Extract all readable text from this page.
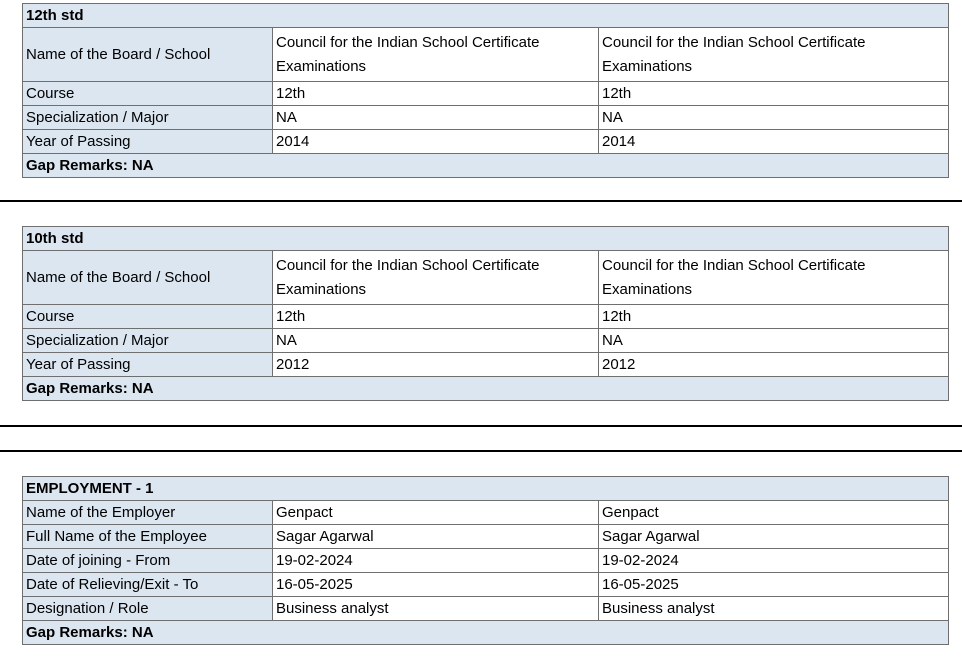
12th std		
Name of the Board / School	Council for the Indian School Certificate Examinations	Council for the Indian School Certificate Examinations
Course	12th	12th
Specialization / Major	NA	NA
Year of Passing	2014	2014
Gap Remarks: NA		
10th std		
Name of the Board / School	Council for the Indian School Certificate Examinations	Council for the Indian School Certificate Examinations
Course	12th	12th
Specialization / Major	NA	NA
Year of Passing	2012	2012
Gap Remarks: NA		
EMPLOYMENT - 1		
Name of the Employer	Genpact	Genpact
Full Name of the Employee	Sagar Agarwal	Sagar Agarwal
Date of joining - From	19-02-2024	19-02-2024
Date of Relieving/Exit - To	16-05-2025	16-05-2025
Designation / Role	Business analyst	Business analyst
Gap Remarks: NA		
